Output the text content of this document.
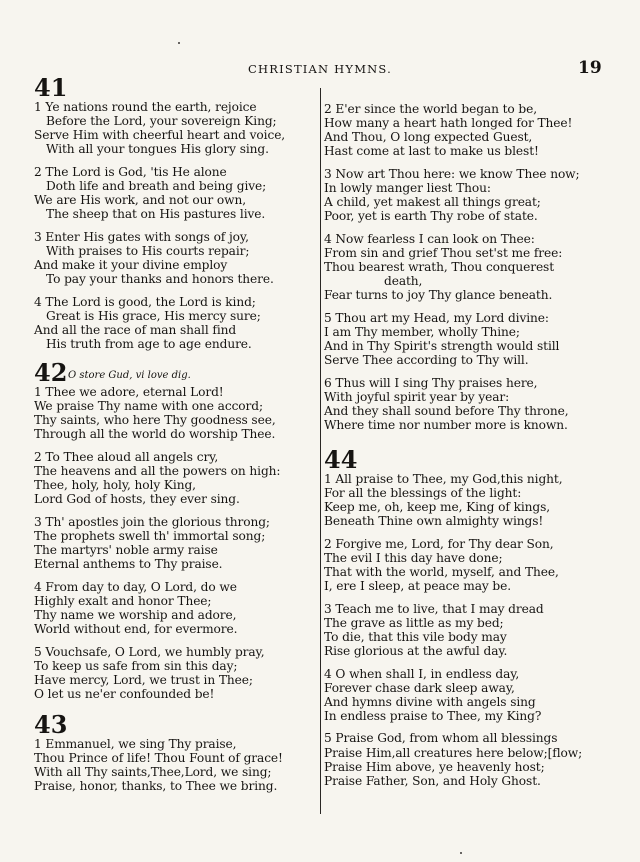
CHRISTIAN HYMNS.	19
41
1 Ye nations round the earth, rejoice
Before the Lord, your sovereign King;
Serve Him with cheerful heart and voice,
With all your tongues His glory sing.
2 The Lord is God, 'tis He alone
Doth life and breath and being give;
We are His work, and not our own,
The sheep that on His pastures live.
3 Enter His gates with songs of joy,
With praises to His courts repair;
And make it your divine employ
To pay your thanks and honors there.
4 The Lord is good, the Lord is kind;
Great is His grace, His mercy sure;
And all the race of man shall find
His truth from age to age endure.
42 O store Gud, vi love dig.
1 Thee we adore, eternal Lord!
We praise Thy name with one accord;
Thy saints, who here Thy goodness see,
Through all the world do worship Thee.
2 To Thee aloud all angels cry,
The heavens and all the powers on high:
Thee, holy, holy, holy King,
Lord God of hosts, they ever sing.
3 Th' apostles join the glorious throng;
The prophets swell th' immortal song;
The martyrs' noble army raise
Eternal anthems to Thy praise.
4 From day to day, O Lord, do we
Highly exalt and honor Thee;
Thy name we worship and adore,
World without end, for evermore.
5 Vouchsafe, O Lord, we humbly pray,
To keep us safe from sin this day;
Have mercy, Lord, we trust in Thee;
O let us ne'er confounded be!
43
1 Emmanuel, we sing Thy praise,
Thou Prince of life! Thou Fount of grace!
With all Thy saints,Thee,Lord, we sing;
Praise, honor, thanks, to Thee we bring.
2 E'er since the world began to be,
How many a heart hath longed for Thee!
And Thou, O long expected Guest,
Hast come at last to make us blest!
3 Now art Thou here: we know Thee now;
In lowly manger liest Thou:
A child, yet makest all things great;
Poor, yet is earth Thy robe of state.
4 Now fearless I can look on Thee:
From sin and grief Thou set'st me free:
Thou bearest wrath, Thou conquerest
death,
Fear turns to joy Thy glance beneath.
5 Thou art my Head, my Lord divine:
I am Thy member, wholly Thine;
And in Thy Spirit's strength would still
Serve Thee according to Thy will.
6 Thus will I sing Thy praises here,
With joyful spirit year by year:
And they shall sound before Thy throne,
Where time nor number more is known.
44
1 All praise to Thee, my God,this night,
For all the blessings of the light:
Keep me, oh, keep me, King of kings,
Beneath Thine own almighty wings!
2 Forgive me, Lord, for Thy dear Son,
The evil I this day have done;
That with the world, myself, and Thee,
I, ere I sleep, at peace may be.
3 Teach me to live, that I may dread
The grave as little as my bed;
To die, that this vile body may
Rise glorious at the awful day.
4 O when shall I, in endless day,
Forever chase dark sleep away,
And hymns divine with angels sing
In endless praise to Thee, my King?
5 Praise God, from whom all blessings
Praise Him,all creatures here below;[flow;
Praise Him above, ye heavenly host;
Praise Father, Son, and Holy Ghost.
